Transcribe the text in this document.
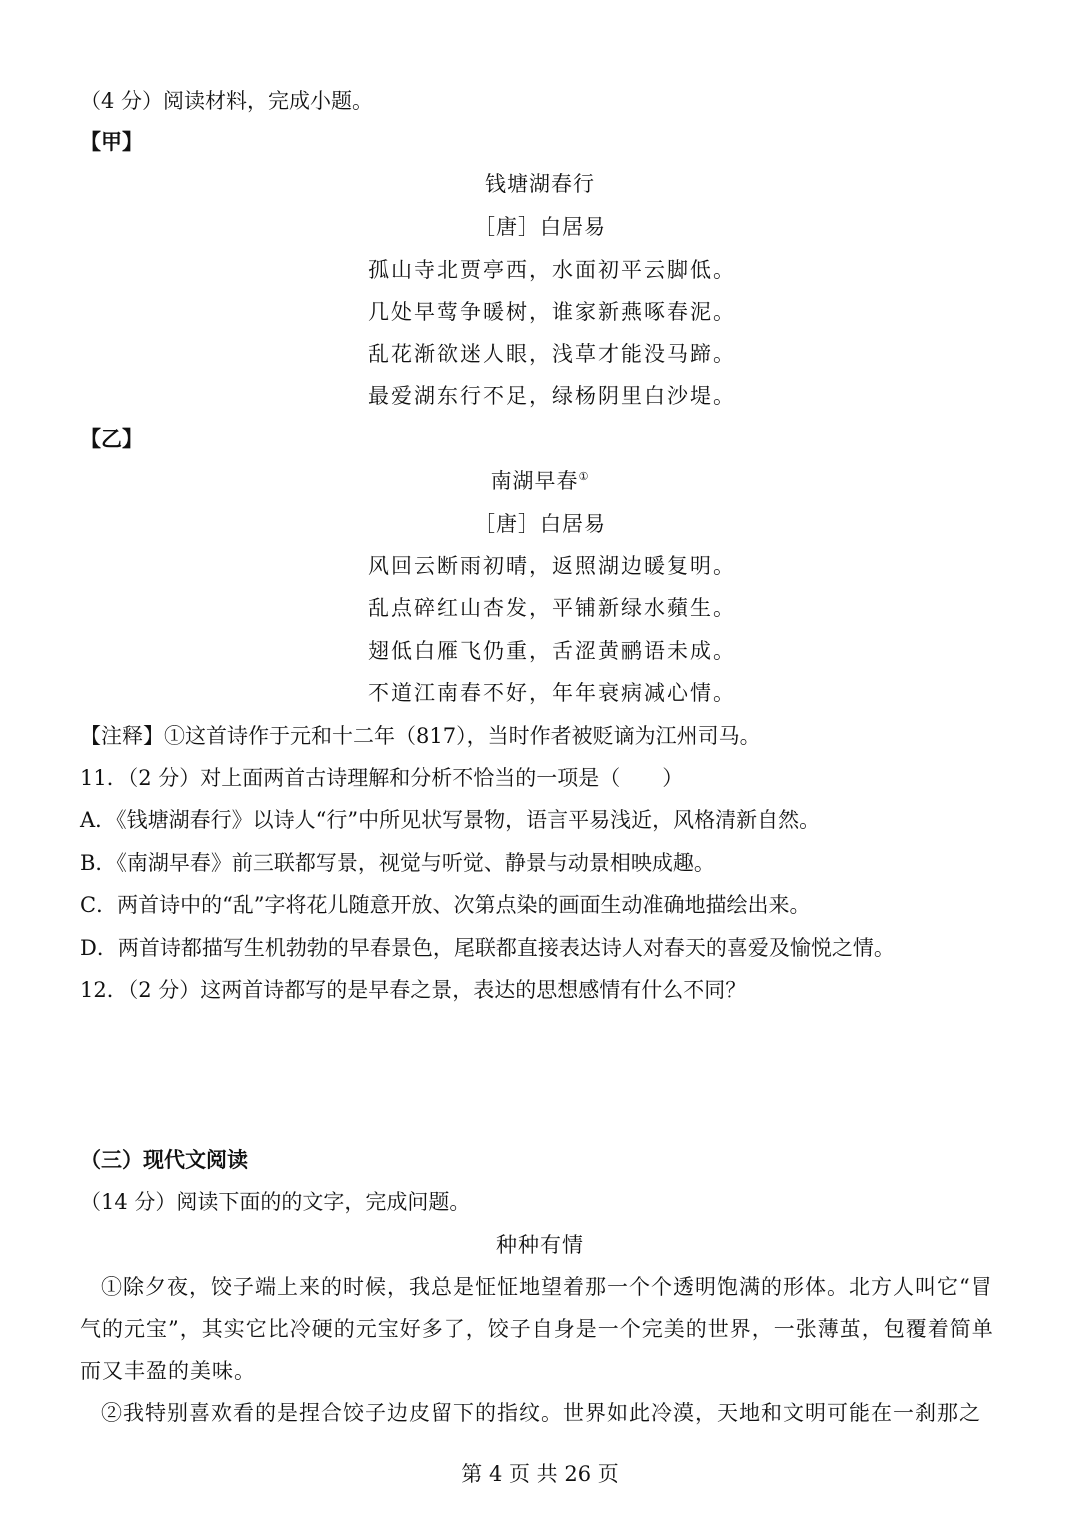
（4 分）阅读材料，完成小题。
【甲】
钱塘湖春行
［唐］白居易
孤山寺北贾亭西，水面初平云脚低。
几处早莺争暖树，谁家新燕啄春泥。
乱花渐欲迷人眼，浅草才能没马蹄。
最爱湖东行不足，绿杨阴里白沙堤。
【乙】
南湖早春①
［唐］白居易
风回云断雨初晴，返照湖边暖复明。
乱点碎红山杏发，平铺新绿水蘋生。
翅低白雁飞仍重，舌涩黄鹂语未成。
不道江南春不好，年年衰病减心情。
【注释】①这首诗作于元和十二年（817），当时作者被贬谪为江州司马。
11．（2 分）对上面两首古诗理解和分析不恰当的一项是（　　）
A．《钱塘湖春行》以诗人“行”中所见状写景物，语言平易浅近，风格清新自然。
B．《南湖早春》前三联都写景，视觉与听觉、静景与动景相映成趣。
C．两首诗中的“乱”字将花儿随意开放、次第点染的画面生动准确地描绘出来。
D．两首诗都描写生机勃勃的早春景色，尾联都直接表达诗人对春天的喜爱及愉悦之情。
12．（2 分）这两首诗都写的是早春之景，表达的思想感情有什么不同？
（三）现代文阅读
（14 分）阅读下面的的文字，完成问题。
种种有情
①除夕夜，饺子端上来的时候，我总是怔怔地望着那一个个透明饱满的形体。北方人叫它“冒气的元宝”，其实它比冷硬的元宝好多了，饺子自身是一个完美的世界，一张薄茧，包覆着简单而又丰盈的美味。
②我特别喜欢看的是捏合饺子边皮留下的指纹。世界如此冷漠，天地和文明可能在一刹那之
第 4 页 共 26 页
